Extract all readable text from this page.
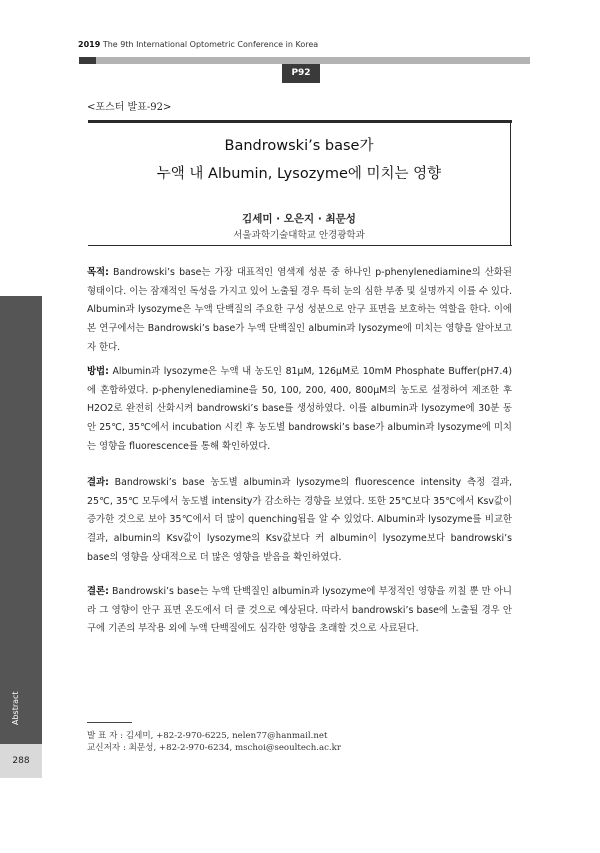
2019 The 9th International Optometric Conference in Korea
P92
<포스터 발표-92>
Bandrowski’s base가
누액 내 Albumin, Lysozyme에 미치는 영향
김세미 · 오은지 · 최문성
서울과학기술대학교 안경광학과
목적: Bandrowski’s base는 가장 대표적인 염색제 성분 중 하나인 p-phenylenediamine의 산화된 형태이다. 이는 잠재적인 독성을 가지고 있어 노출될 경우 특히 눈의 심한 부종 및 실명까지 이를 수 있다. Albumin과 lysozyme은 누액 단백질의 주요한 구성 성분으로 안구 표면을 보호하는 역할을 한다. 이에 본 연구에서는 Bandrowski’s base가 누액 단백질인 albumin과 lysozyme에 미치는 영향을 알아보고자 한다.
방법: Albumin과 lysozyme은 누액 내 농도인 81μM, 126μM로 10mM Phosphate Buffer(pH7.4)에 혼합하였다. p-phenylenediamine을 50, 100, 200, 400, 800μM의 농도로 설정하여 제조한 후 H2O2로 완전히 산화시켜 bandrowski’s base를 생성하였다. 이를 albumin과 lysozyme에 30분 동안 25℃, 35℃에서 incubation 시킨 후 농도별 bandrowski’s base가 albumin과 lysozyme에 미치는 영향을 fluorescence를 통해 확인하였다.
결과: Bandrowski’s base 농도별 albumin과 lysozyme의 fluorescence intensity 측정 결과, 25℃, 35℃ 모두에서 농도별 intensity가 감소하는 경향을 보였다. 또한 25℃보다 35℃에서 Ksv값이 증가한 것으로 보아 35℃에서 더 많이 quenching됨을 알 수 있었다. Albumin과 lysozyme를 비교한 결과, albumin의 Ksv값이 lysozyme의 Ksv값보다 커 albumin이 lysozyme보다 bandrowski’s base의 영향을 상대적으로 더 많은 영향을 받음을 확인하였다.
결론: Bandrowski’s base는 누액 단백질인 albumin과 lysozyme에 부정적인 영향을 끼칠 뿐 만 아니라 그 영향이 안구 표면 온도에서 더 클 것으로 예상된다. 따라서 bandrowski’s base에 노출될 경우 안구에 기존의 부작용 외에 누액 단백질에도 심각한 영향을 초래할 것으로 사료된다.
Abstract
288
발 표 자 : 김세미, +82-2-970-6225, nelen77@hanmail.net
교신저자 : 최문성, +82-2-970-6234, mschoi@seoultech.ac.kr
